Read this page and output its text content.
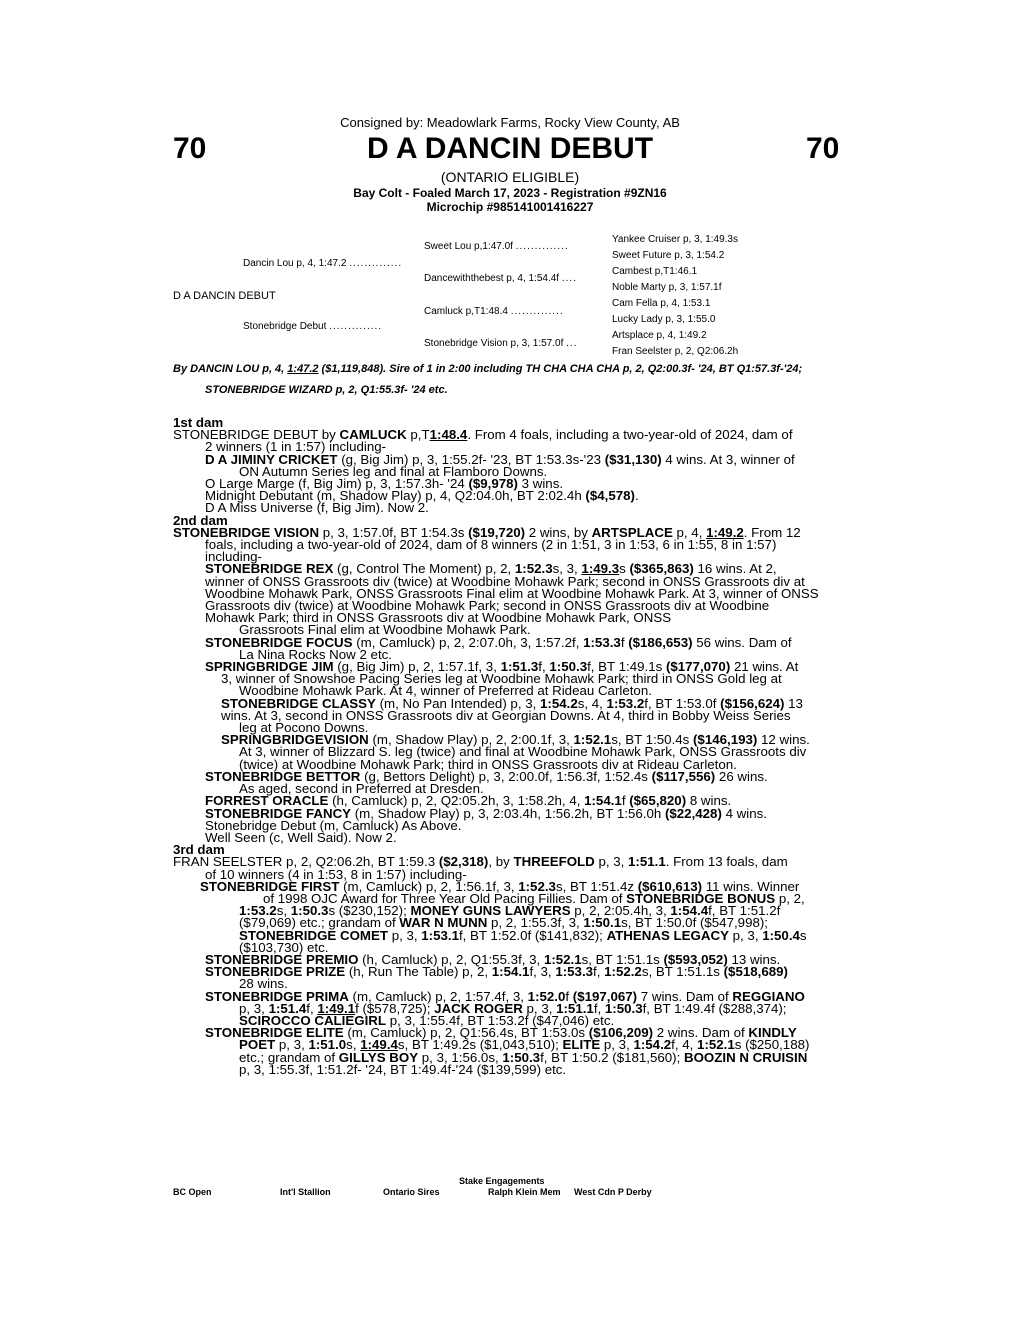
70	70
Consigned by: Meadowlark Farms, Rocky View County, AB
D A DANCIN DEBUT
(ONTARIO ELIGIBLE)
Bay Colt - Foaled March 17, 2023 - Registration #9ZN16
Microchip #985141001416227
D A DANCIN DEBUT
Dancin Lou p, 4, 1:47.2 ..............
Stonebridge Debut ..............
Sweet Lou p,1:47.0f ..............
Dancewiththebest p, 4, 1:54.4f ....
Camluck p,T1:48.4 ..............
Stonebridge Vision p, 3, 1:57.0f ...
Yankee Cruiser p, 3, 1:49.3s
Sweet Future p, 3, 1:54.2
Cambest p,T1:46.1
Noble Marty p, 3, 1:57.1f
Cam Fella p, 4, 1:53.1
Lucky Lady p, 3, 1:55.0
Artsplace p, 4, 1:49.2
Fran Seelster p, 2, Q2:06.2h
By DANCIN LOU p, 4, 1:47.2 ($1,119,848). Sire of 1 in 2:00 including TH CHA CHA CHA p, 2, Q2:00.3f- '24, BT Q1:57.3f-'24;
STONEBRIDGE WIZARD p, 2, Q1:55.3f- '24 etc.

1st dam

STONEBRIDGE DEBUT by CAMLUCK p,T1:48.4. From 4 foals, including a two-year-old of 2024, dam of

2 winners (1 in 1:57) including-

D A JIMINY CRICKET (g, Big Jim) p, 3, 1:55.2f- '23, BT 1:53.3s-'23 ($31,130) 4 wins. At 3, winner of

ON Autumn Series leg and final at Flamboro Downs.

O Large Marge (f, Big Jim) p, 3, 1:57.3h- '24 ($9,978) 3 wins.

Midnight Debutant (m, Shadow Play) p, 4, Q2:04.0h, BT 2:02.4h ($4,578).

D A Miss Universe (f, Big Jim). Now 2.

2nd dam

STONEBRIDGE VISION p, 3, 1:57.0f, BT 1:54.3s ($19,720) 2 wins, by ARTSPLACE p, 4, 1:49.2. From 12

foals, including a two-year-old of 2024, dam of 8 winners (2 in 1:51, 3 in 1:53, 6 in 1:55, 8 in 1:57)

including-

STONEBRIDGE REX (g, Control The Moment) p, 2, 1:52.3s, 3, 1:49.3s ($365,863) 16 wins. At 2,

winner of ONSS Grassroots div (twice) at Woodbine Mohawk Park; second in ONSS Grassroots div at

Woodbine Mohawk Park, ONSS Grassroots Final elim at Woodbine Mohawk Park. At 3, winner of ONSS

Grassroots div (twice) at Woodbine Mohawk Park; second in ONSS Grassroots div at Woodbine

Mohawk Park; third in ONSS Grassroots div at Woodbine Mohawk Park, ONSS

Grassroots Final elim at Woodbine Mohawk Park.

STONEBRIDGE FOCUS (m, Camluck) p, 2, 2:07.0h, 3, 1:57.2f, 1:53.3f ($186,653) 56 wins. Dam of

La Nina Rocks Now 2 etc.

SPRINGBRIDGE JIM (g, Big Jim) p, 2, 1:57.1f, 3, 1:51.3f, 1:50.3f, BT 1:49.1s ($177,070) 21 wins. At

3, winner of Snowshoe Pacing Series leg at Woodbine Mohawk Park; third in ONSS Gold leg at

Woodbine Mohawk Park. At 4, winner of Preferred at Rideau Carleton.

STONEBRIDGE CLASSY (m, No Pan Intended) p, 3, 1:54.2s, 4, 1:53.2f, BT 1:53.0f ($156,624) 13

wins. At 3, second in ONSS Grassroots div at Georgian Downs. At 4, third in Bobby Weiss Series

leg at Pocono Downs.

SPRINGBRIDGEVISION (m, Shadow Play) p, 2, 2:00.1f, 3, 1:52.1s, BT 1:50.4s ($146,193) 12 wins.

At 3, winner of Blizzard S. leg (twice) and final at Woodbine Mohawk Park, ONSS Grassroots div

(twice) at Woodbine Mohawk Park; third in ONSS Grassroots div at Rideau Carleton.

STONEBRIDGE BETTOR (g, Bettors Delight) p, 3, 2:00.0f, 1:56.3f, 1:52.4s ($117,556) 26 wins.

As aged, second in Preferred at Dresden.

FORREST ORACLE (h, Camluck) p, 2, Q2:05.2h, 3, 1:58.2h, 4, 1:54.1f ($65,820) 8 wins.

STONEBRIDGE FANCY (m, Shadow Play) p, 3, 2:03.4h, 1:56.2h, BT 1:56.0h ($22,428) 4 wins.

Stonebridge Debut (m, Camluck) As Above.

Well Seen (c, Well Said). Now 2.

3rd dam

FRAN SEELSTER p, 2, Q2:06.2h, BT 1:59.3 ($2,318), by THREEFOLD p, 3, 1:51.1. From 13 foals, dam

of 10 winners (4 in 1:53, 8 in 1:57) including-

STONEBRIDGE FIRST (m, Camluck) p, 2, 1:56.1f, 3, 1:52.3s, BT 1:51.4z ($610,613) 11 wins. Winner

of 1998 OJC Award for Three Year Old Pacing Fillies. Dam of STONEBRIDGE BONUS p, 2,

1:53.2s, 1:50.3s ($230,152); MONEY GUNS LAWYERS p, 2, 2:05.4h, 3, 1:54.4f, BT 1:51.2f

($79,069) etc.; grandam of WAR N MUNN p, 2, 1:55.3f, 3, 1:50.1s, BT 1:50.0f ($547,998);

STONEBRIDGE COMET p, 3, 1:53.1f, BT 1:52.0f ($141,832); ATHENAS LEGACY p, 3, 1:50.4s

($103,730) etc.

STONEBRIDGE PREMIO (h, Camluck) p, 2, Q1:55.3f, 3, 1:52.1s, BT 1:51.1s ($593,052) 13 wins.

STONEBRIDGE PRIZE (h, Run The Table) p, 2, 1:54.1f, 3, 1:53.3f, 1:52.2s, BT 1:51.1s ($518,689)

28 wins.

STONEBRIDGE PRIMA (m, Camluck) p, 2, 1:57.4f, 3, 1:52.0f ($197,067) 7 wins. Dam of REGGIANO

p, 3, 1:51.4f, 1:49.1f ($578,725); JACK ROGER p, 3, 1:51.1f, 1:50.3f, BT 1:49.4f ($288,374);

SCIROCCO CALIEGIRL p, 3, 1:55.4f, BT 1:53.2f ($47,046) etc.

STONEBRIDGE ELITE (m, Camluck) p, 2, Q1:56.4s, BT 1:53.0s ($106,209) 2 wins. Dam of KINDLY

POET p, 3, 1:51.0s, 1:49.4s, BT 1:49.2s ($1,043,510); ELITE p, 3, 1:54.2f, 4, 1:52.1s ($250,188)

etc.; grandam of GILLYS BOY p, 3, 1:56.0s, 1:50.3f, BT 1:50.2 ($181,560); BOOZIN N CRUISIN

p, 3, 1:55.3f, 1:51.2f- '24, BT 1:49.4f-'24 ($139,599) etc.

Stake Engagements
BC Open	Int'l Stallion	Ontario Sires	Ralph Klein Mem West Cdn P Derby
